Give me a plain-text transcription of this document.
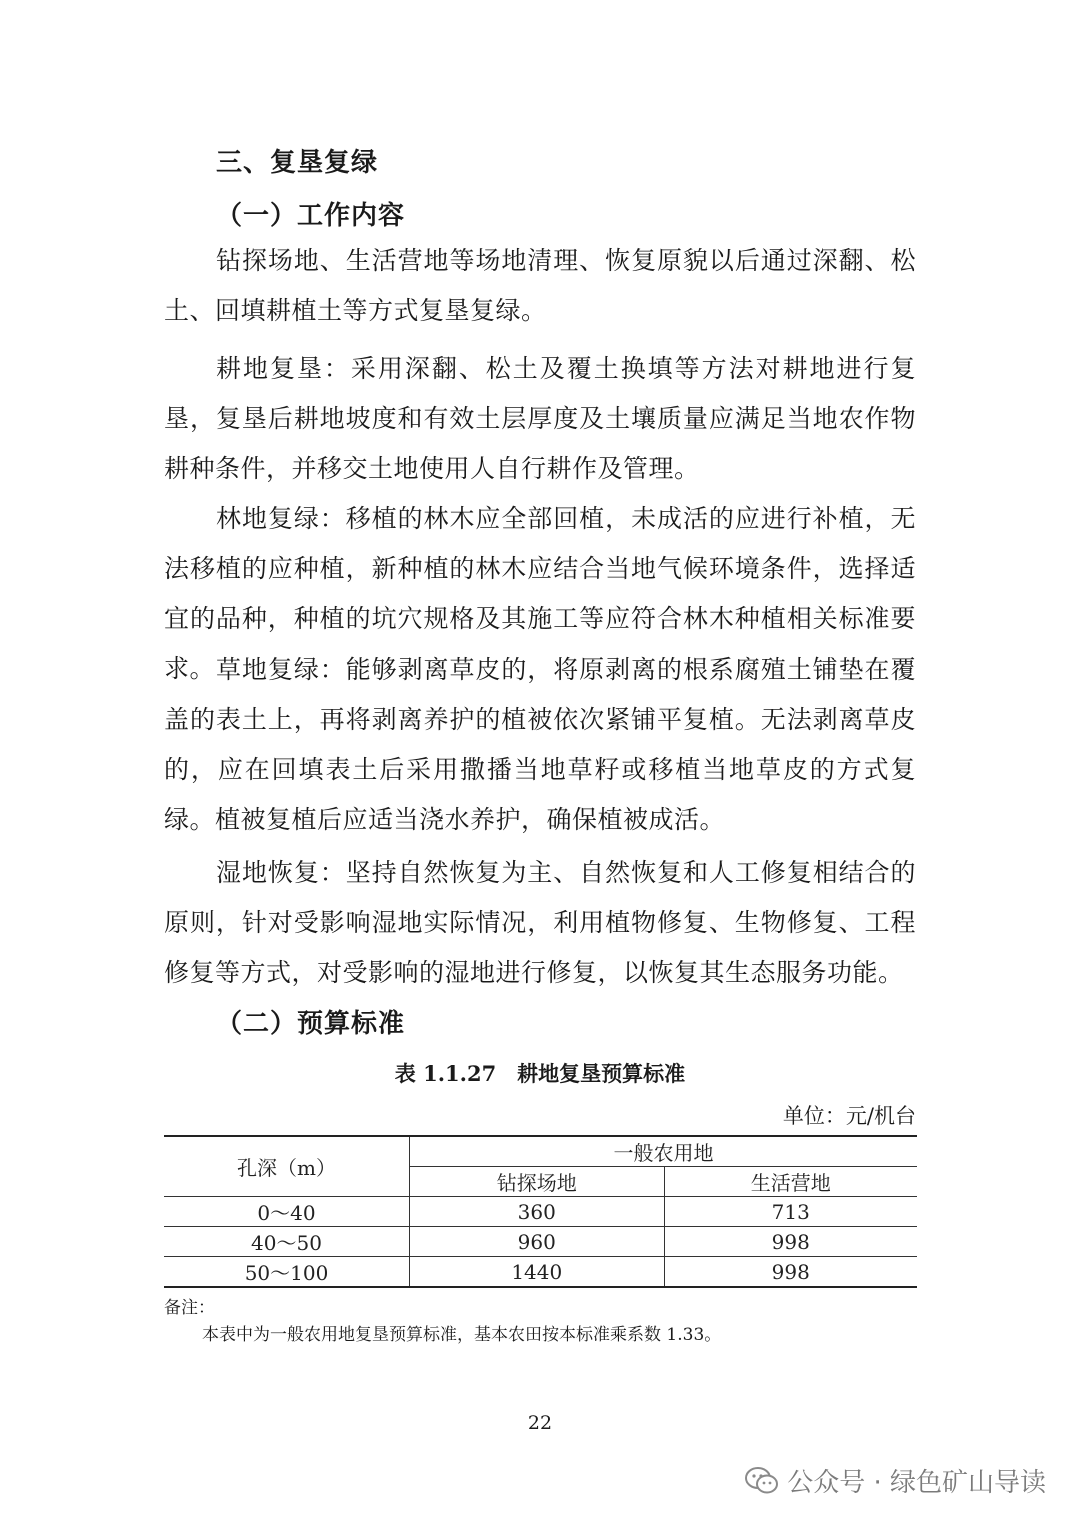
三、复垦复绿
（一）工作内容

钻探场地、生活营地等场地清理、恢复原貌以后通过深翻、松土、回填耕植土等方式复垦复绿。

耕地复垦：采用深翻、松土及覆土换填等方法对耕地进行复垦，复垦后耕地坡度和有效土层厚度及土壤质量应满足当地农作物耕种条件，并移交土地使用人自行耕作及管理。

林地复绿：移植的林木应全部回植，未成活的应进行补植，无法移植的应种植，新种植的林木应结合当地气候环境条件，选择适宜的品种，种植的坑穴规格及其施工等应符合林木种植相关标准要求。 草地复绿：能够剥离草皮的，将原剥离的根系腐殖土铺垫在覆盖的表土上，再将剥离养护的植被依次紧铺平复植。无法剥离草皮的，应在回填表土后采用撒播当地草籽或移植当地草皮的方式复绿。植被复植后应适当浇水养护，确保植被成活。

湿地恢复：坚持自然恢复为主、自然恢复和人工修复相结合的原则，针对受影响湿地实际情况，利用植物修复、生物修复、工程修复等方式，对受影响的湿地进行修复，以恢复其生态服务功能。

（二）预算标准
表 1.1.27　耕地复垦预算标准
单位：元/机台
孔深（m）	一般农用地	
	钻探场地	生活营地
0～40	360	713
40～50	960	998
50～100	1440	998
备注：
本表中为一般农用地复垦预算标准，基本农田按本标准乘系数 1.33。
22
公众号 · 绿色矿山导读
